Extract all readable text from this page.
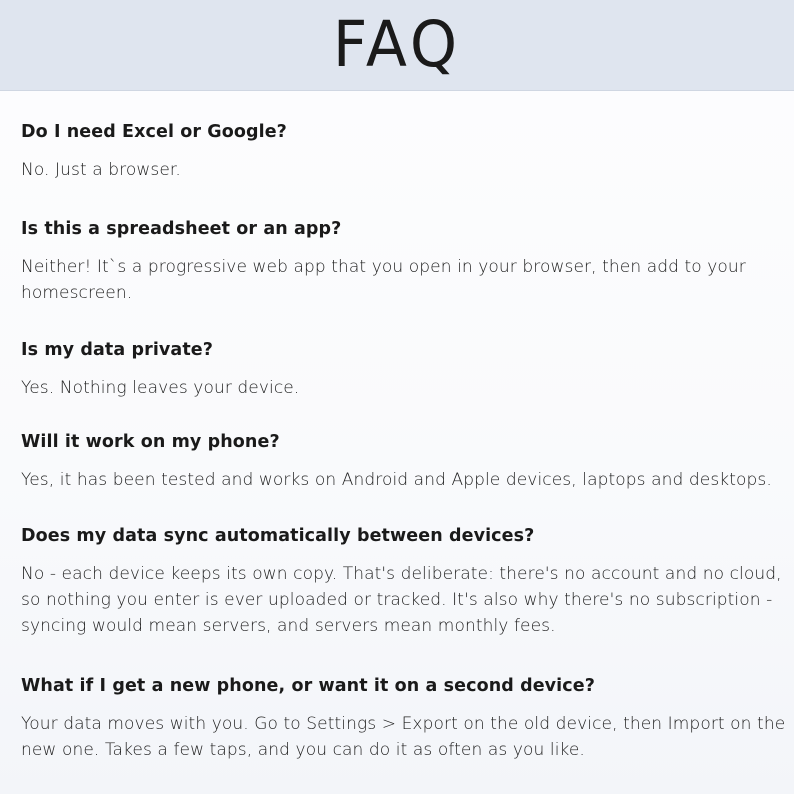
FAQ

Do I need Excel or Google?

No. Just a browser.

Is this a spreadsheet or an app?

Neither! It`s a progressive web app that you open in your browser, then add to your homescreen.

Is my data private?

Yes. Nothing leaves your device.

Will it work on my phone?

Yes, it has been tested and works on Android and Apple devices, laptops and desktops.

Does my data sync automatically between devices?

No - each device keeps its own copy. That's deliberate: there's no account and no cloud, so nothing you enter is ever uploaded or tracked. It's also why there's no subscription - syncing would mean servers, and servers mean monthly fees.

What if I get a new phone, or want it on a second device?

Your data moves with you. Go to Settings > Export on the old device, then Import on the new one. Takes a few taps, and you can do it as often as you like.
